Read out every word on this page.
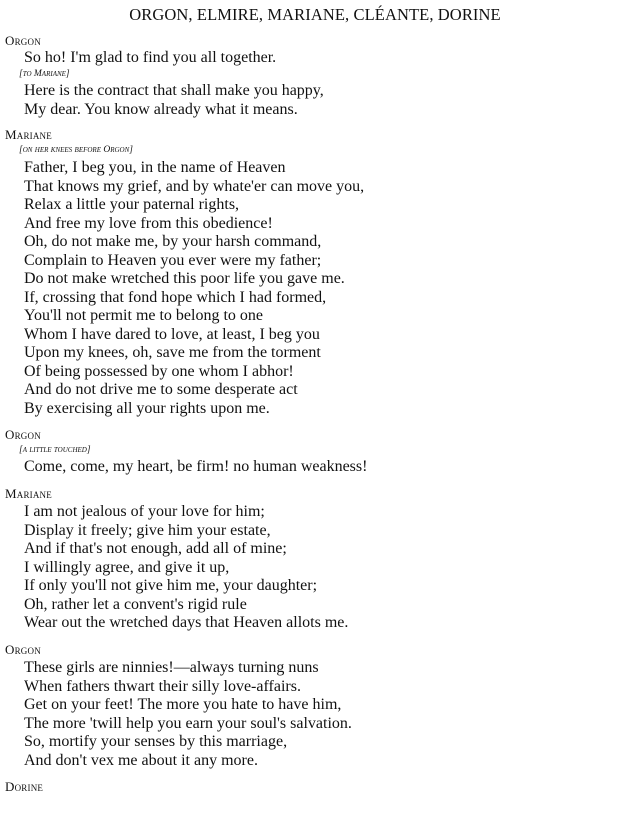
ORGON, ELMIRE, MARIANE, CLÉANTE, DORINE
Orgon
So ho! I'm glad to find you all together.
[to Mariane]
Here is the contract that shall make you happy,
My dear. You know already what it means.
Mariane
[on her knees before Orgon]
Father, I beg you, in the name of Heaven
That knows my grief, and by whate'er can move you,
Relax a little your paternal rights,
And free my love from this obedience!
Oh, do not make me, by your harsh command,
Complain to Heaven you ever were my father;
Do not make wretched this poor life you gave me.
If, crossing that fond hope which I had formed,
You'll not permit me to belong to one
Whom I have dared to love, at least, I beg you
Upon my knees, oh, save me from the torment
Of being possessed by one whom I abhor!
And do not drive me to some desperate act
By exercising all your rights upon me.
Orgon
[a little touched]
Come, come, my heart, be firm! no human weakness!
Mariane
I am not jealous of your love for him;
Display it freely; give him your estate,
And if that's not enough, add all of mine;
I willingly agree, and give it up,
If only you'll not give him me, your daughter;
Oh, rather let a convent's rigid rule
Wear out the wretched days that Heaven allots me.
Orgon
These girls are ninnies!—always turning nuns
When fathers thwart their silly love-affairs.
Get on your feet! The more you hate to have him,
The more 'twill help you earn your soul's salvation.
So, mortify your senses by this marriage,
And don't vex me about it any more.
Dorine
